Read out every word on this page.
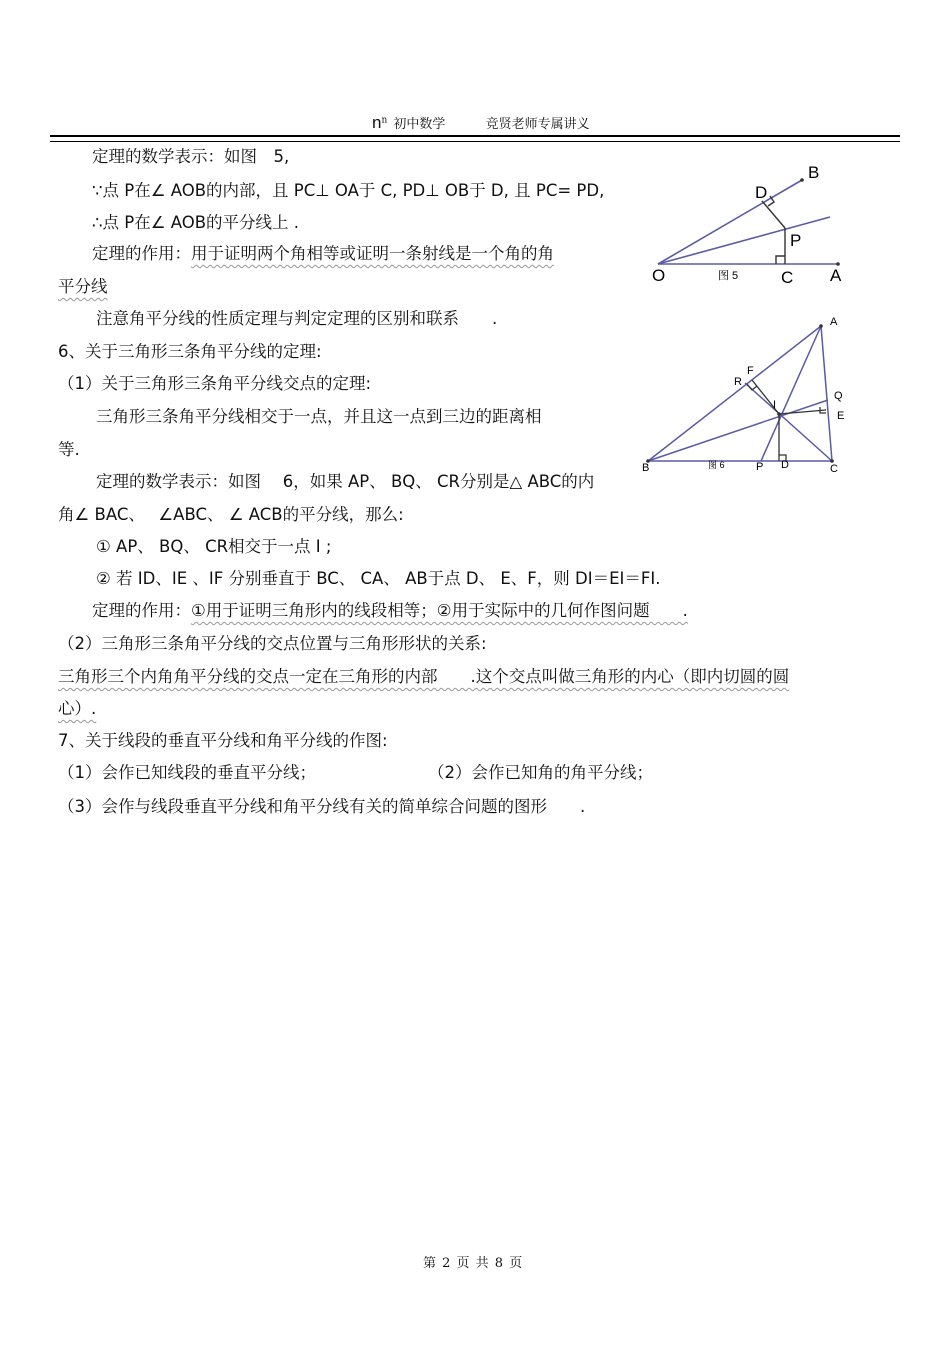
$n^n$ 初中数学	竞贤老师专属讲义
定理的数学表示：如图　5,
∵点 P在∠ AOB的内部，且 PC⊥ OA于 C, PD⊥ OB于 D, 且 PC= PD,
∴点 P在∠ AOB的平分线上 .
定理的作用：用于证明两个角相等或证明一条射线是一个角的角
平分线
注意角平分线的性质定理与判定定理的区别和联系　　.
6、关于三角形三条角平分线的定理:
（1）关于三角形三条角平分线交点的定理:
三角形三条角平分线相交于一点，并且这一点到三边的距离相
等.
定理的数学表示：如图　 6，如果 AP、 BQ、 CR分别是△ ABC的内
角∠ BAC、　 ∠ABC、 ∠ ACB的平分线，那么:
① AP、 BQ、 CR相交于一点 I ;
② 若 ID、IE 、IF 分别垂直于 BC、 CA、 AB于点 D、 E、F，则 DI＝EI＝FI.
定理的作用：①用于证明三角形内的线段相等；②用于实际中的几何作图问题　　.
（2）三角形三条角平分线的交点位置与三角形形状的关系:
三角形三个内角角平分线的交点一定在三角形的内部　　.这个交点叫做三角形的内心（即内切圆的圆
心）.
7、关于线段的垂直平分线和角平分线的作图:
（1）会作已知线段的垂直平分线；	（2）会作已知角的角平分线；
（3）会作与线段垂直平分线和角平分线有关的简单综合问题的图形　　.
B
D
P
O	图 5	C A
A
F
R
Q
I
E
B	图 6	P D	C
第 2 页 共 8 页
